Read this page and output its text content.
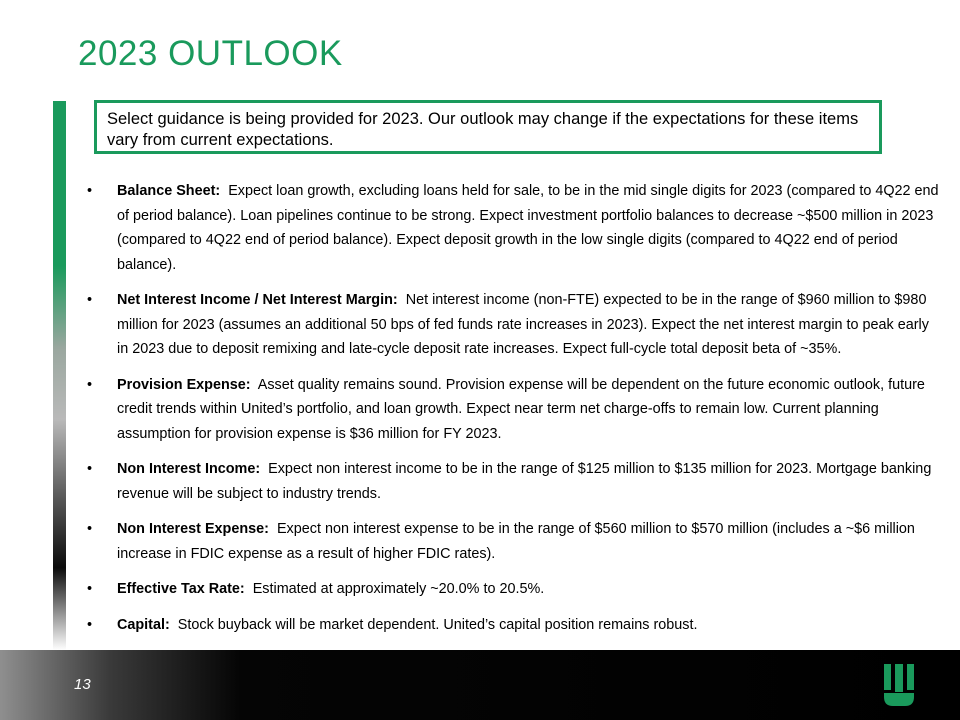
2023 OUTLOOK
Select guidance is being provided for 2023. Our outlook may change if the expectations for these items vary from current expectations.
• Balance Sheet: Expect loan growth, excluding loans held for sale, to be in the mid single digits for 2023 (compared to 4Q22 end of period balance). Loan pipelines continue to be strong. Expect investment portfolio balances to decrease ~$500 million in 2023 (compared to 4Q22 end of period balance). Expect deposit growth in the low single digits (compared to 4Q22 end of period balance).
• Net Interest Income / Net Interest Margin: Net interest income (non-FTE) expected to be in the range of $960 million to $980 million for 2023 (assumes an additional 50 bps of fed funds rate increases in 2023). Expect the net interest margin to peak early in 2023 due to deposit remixing and late-cycle deposit rate increases. Expect full-cycle total deposit beta of ~35%.
• Provision Expense: Asset quality remains sound. Provision expense will be dependent on the future economic outlook, future credit trends within United’s portfolio, and loan growth. Expect near term net charge-offs to remain low. Current planning assumption for provision expense is $36 million for FY 2023.
• Non Interest Income: Expect non interest income to be in the range of $125 million to $135 million for 2023. Mortgage banking revenue will be subject to industry trends.
• Non Interest Expense: Expect non interest expense to be in the range of $560 million to $570 million (includes a ~$6 million increase in FDIC expense as a result of higher FDIC rates).
• Effective Tax Rate: Estimated at approximately ~20.0% to 20.5%.
• Capital: Stock buyback will be market dependent. United’s capital position remains robust.
13
